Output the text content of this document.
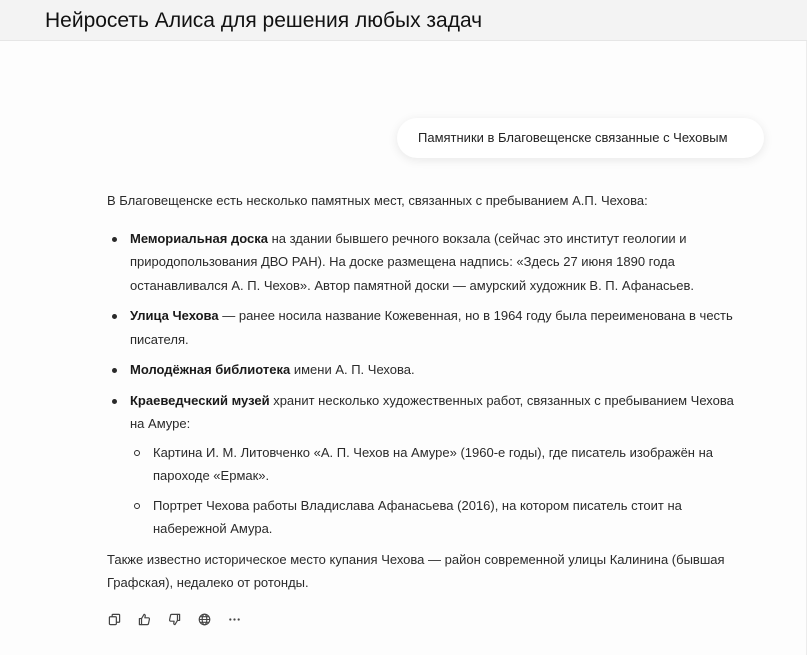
Нейросеть Алиса для решения любых задач
Памятники в Благовещенске связанные с Чеховым

В Благовещенске есть несколько памятных мест, связанных с пребыванием А.П. Чехова:

Мемориальная доска на здании бывшего речного вокзала (сейчас это институт геологии и природопользования ДВО РАН). На доске размещена надпись: «Здесь 27 июня 1890 года останавливался А. П. Чехов». Автор памятной доски — амурский художник В. П. Афанасьев.
Улица Чехова — ранее носила название Кожевенная, но в 1964 году была переименована в честь писателя.
Молодёжная библиотека имени А. П. Чехова.
Краеведческий музей хранит несколько художественных работ, связанных с пребыванием Чехова на Амуре:
Картина И. М. Литовченко «А. П. Чехов на Амуре» (1960-е годы), где писатель изображён на пароходе «Ермак».
Портрет Чехова работы Владислава Афанасьева (2016), на котором писатель стоит на набережной Амура.

Также известно историческое место купания Чехова — район современной улицы Калинина (бывшая Графская), недалеко от ротонды.
